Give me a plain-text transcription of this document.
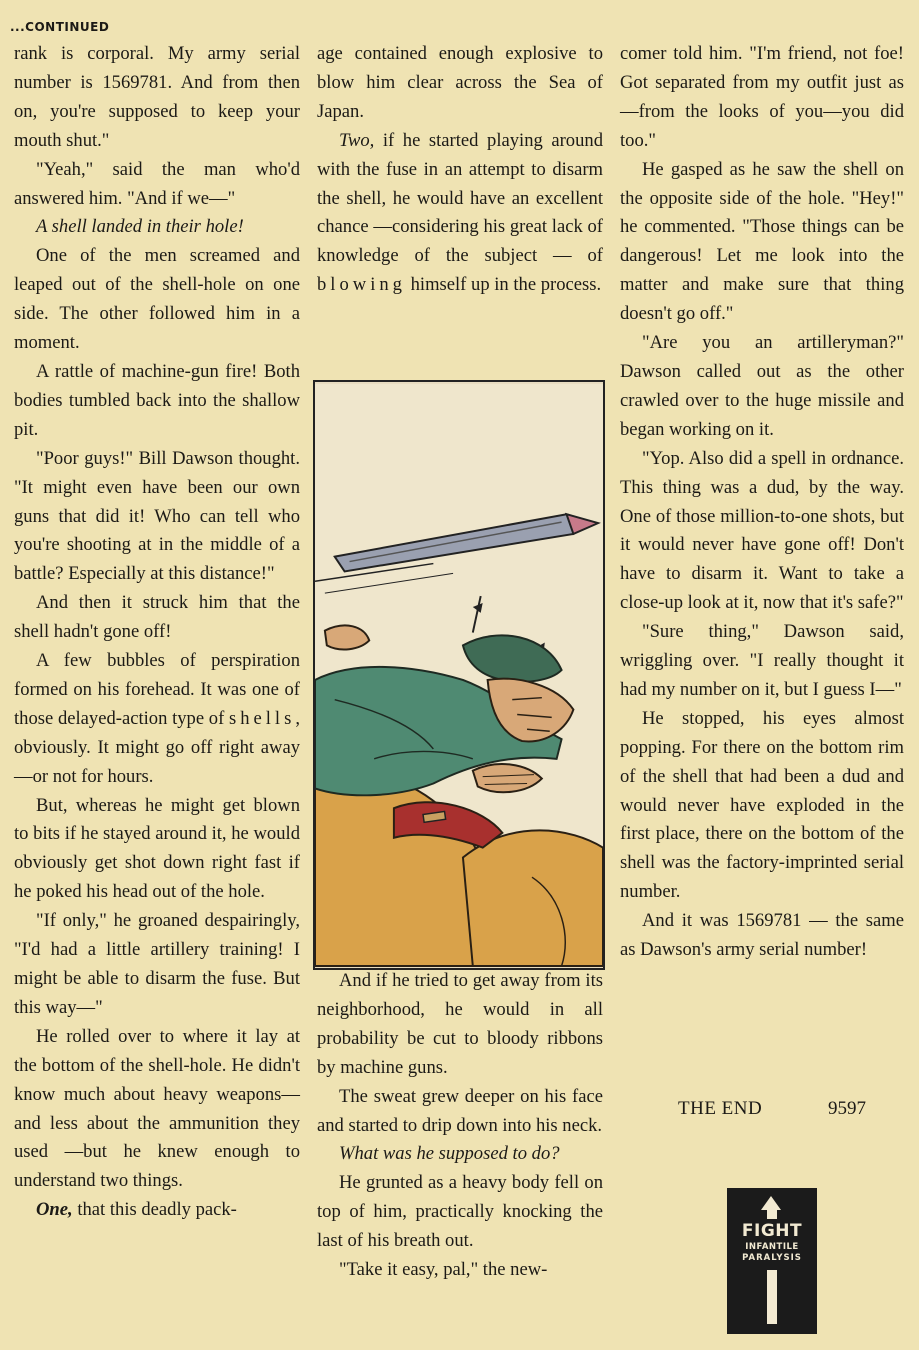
...CONTINUED

rank is corporal. My army serial number is 1569781. And from then on, you're supposed to keep your mouth shut."

"Yeah," said the man who'd answered him. "And if we—"

A shell landed in their hole!

One of the men screamed and leaped out of the shell-hole on one side. The other followed him in a moment.

A rattle of machine-gun fire! Both bodies tumbled back into the shallow pit.

"Poor guys!" Bill Dawson thought. "It might even have been our own guns that did it! Who can tell who you're shooting at in the middle of a battle? Especially at this distance!"

And then it struck him that the shell hadn't gone off!

A few bubbles of perspiration formed on his forehead. It was one of those delayed-action type of shells, obviously. It might go off right away—or not for hours.

But, whereas he might get blown to bits if he stayed around it, he would obviously get shot down right fast if he poked his head out of the hole.

"If only," he groaned despairingly, "I'd had a little artillery training! I might be able to disarm the fuse. But this way—"

He rolled over to where it lay at the bottom of the shell-hole. He didn't know much about heavy weapons—and less about the ammunition they used —but he knew enough to understand two things.

One, that this deadly pack-

age contained enough explosive to blow him clear across the Sea of Japan.

Two, if he started playing around with the fuse in an attempt to disarm the shell, he would have an excellent chance —considering his great lack of knowledge of the subject — of blowing himself up in the process.

And if he tried to get away from its neighborhood, he would in all probability be cut to bloody ribbons by machine guns.

The sweat grew deeper on his face and started to drip down into his neck.

What was he supposed to do?

He grunted as a heavy body fell on top of him, practically knocking the last of his breath out.

"Take it easy, pal," the new-

comer told him. "I'm friend, not foe! Got separated from my outfit just as—from the looks of you—you did too."

He gasped as he saw the shell on the opposite side of the hole. "Hey!" he commented. "Those things can be dangerous! Let me look into the matter and make sure that thing doesn't go off."

"Are you an artilleryman?" Dawson called out as the other crawled over to the huge missile and began working on it.

"Yop. Also did a spell in ordnance. This thing was a dud, by the way. One of those million-to-one shots, but it would never have gone off! Don't have to disarm it. Want to take a close-up look at it, now that it's safe?"

"Sure thing," Dawson said, wriggling over. "I really thought it had my number on it, but I guess I—"

He stopped, his eyes almost popping. For there on the bottom rim of the shell that had been a dud and would never have exploded in the first place, there on the bottom of the shell was the factory-imprinted serial number.

And it was 1569781 — the same as Dawson's army serial number!

THE END	9597
FIGHT
INFANTILE
PARALYSIS
